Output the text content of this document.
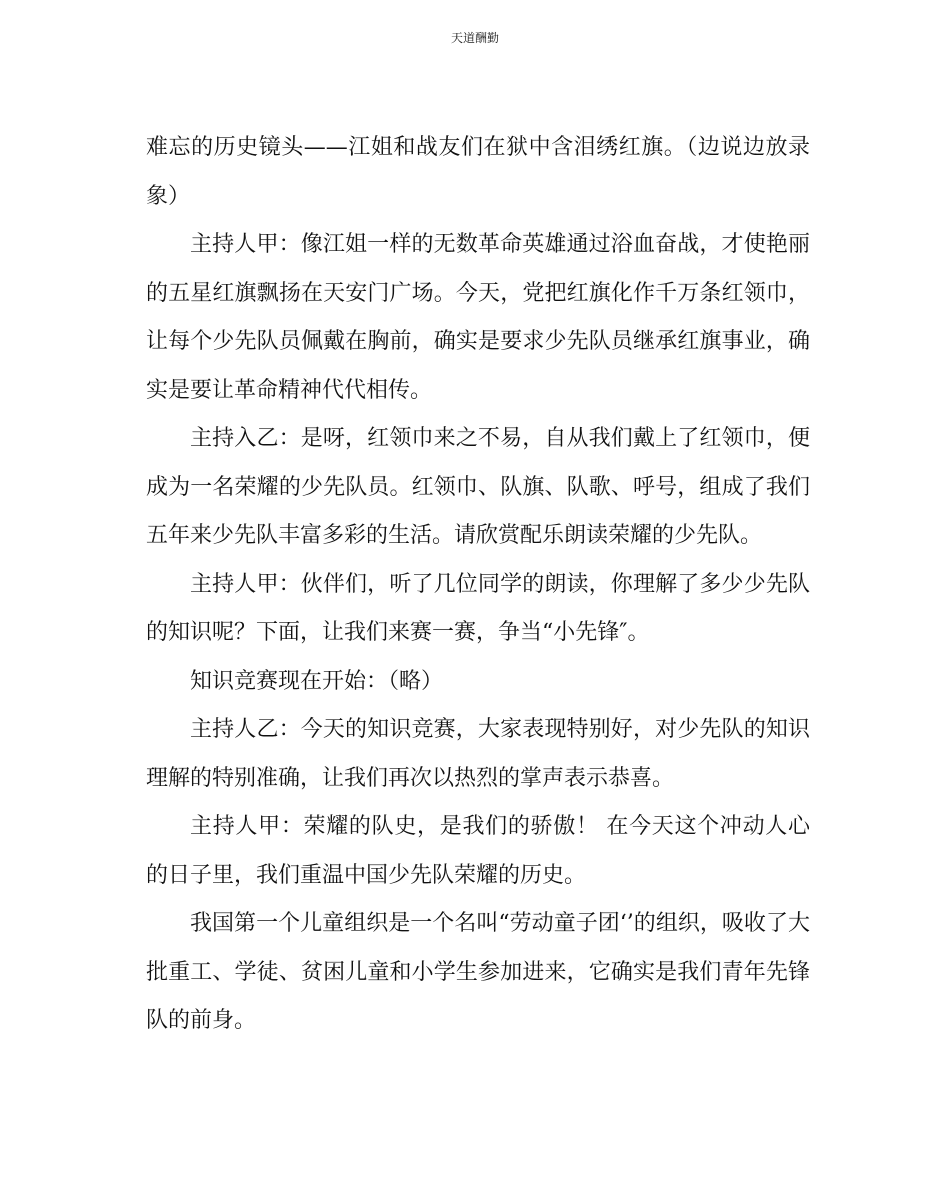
天道酬勤

难忘的历史镜头——江姐和战友们在狱中含泪绣红旗。（边说边放录象）

主持人甲：像江姐一样的无数革命英雄通过浴血奋战，才使艳丽的五星红旗飘扬在天安门广场。今天，党把红旗化作千万条红领巾，让每个少先队员佩戴在胸前，确实是要求少先队员继承红旗事业，确实是要让革命精神代代相传。

主持入乙：是呀，红领巾来之不易，自从我们戴上了红领巾，便成为一名荣耀的少先队员。红领巾、队旗、队歌、呼号，组成了我们五年来少先队丰富多彩的生活。请欣赏配乐朗读荣耀的少先队。

主持人甲：伙伴们，听了几位同学的朗读，你理解了多少少先队的知识呢？下面，让我们来赛一赛，争当“小先锋″。

知识竞赛现在开始：（略）

主持人乙：今天的知识竞赛，大家表现特别好，对少先队的知识理解的特别准确，让我们再次以热烈的掌声表示恭喜。

主持人甲：荣耀的队史，是我们的骄傲！ 在今天这个冲动人心的日子里，我们重温中国少先队荣耀的历史。

我国第一个儿童组织是一个名叫“劳动童子团‘’的组织，吸收了大批重工、学徒、贫困儿童和小学生参加进来，它确实是我们青年先锋队的前身。
